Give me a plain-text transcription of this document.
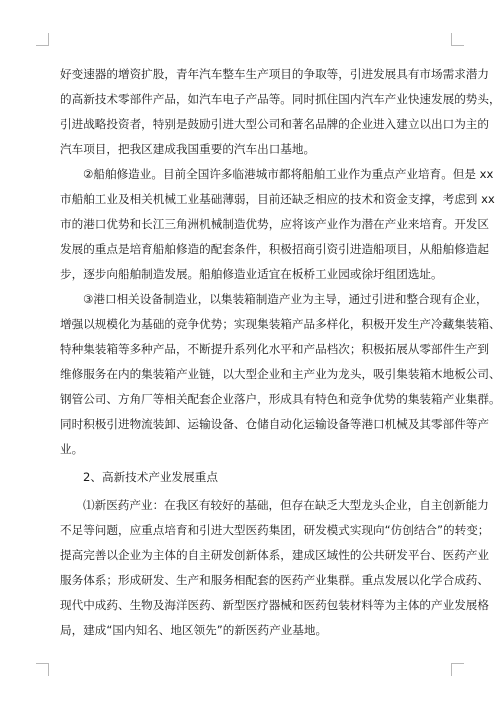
好变速器的增资扩股，青年汽车整车生产项目的争取等，引进发展具有市场需求潜力
的高新技术零部件产品，如汽车电子产品等。同时抓住国内汽车产业快速发展的势头，
引进战略投资者，特别是鼓励引进大型公司和著名品牌的企业进入建立以出口为主的
汽车项目，把我区建成我国重要的汽车出口基地。
②船舶修造业。目前全国许多临港城市都将船舶工业作为重点产业培育。但是 xx
市船舶工业及相关机械工业基础薄弱，目前还缺乏相应的技术和资金支撑，考虑到 xx
市的港口优势和长江三角洲机械制造优势，应将该产业作为潜在产业来培育。开发区
发展的重点是培育船舶修造的配套条件，积极招商引资引进造船项目，从船舶修造起
步，逐步向船舶制造发展。船舶修造业适宜在板桥工业园或徐圩组团选址。
③港口相关设备制造业，以集装箱制造产业为主导，通过引进和整合现有企业，
增强以规模化为基础的竞争优势；实现集装箱产品多样化，积极开发生产冷藏集装箱、
特种集装箱等多种产品，不断提升系列化水平和产品档次；积极拓展从零部件生产到
维修服务在内的集装箱产业链，以大型企业和主产业为龙头，吸引集装箱木地板公司、
钢管公司、方角厂等相关配套企业落户，形成具有特色和竞争优势的集装箱产业集群。
同时积极引进物流装卸、运输设备、仓储自动化运输设备等港口机械及其零部件等产
业。
2、高新技术产业发展重点
⑴新医药产业：在我区有较好的基础，但存在缺乏大型龙头企业，自主创新能力
不足等问题，应重点培育和引进大型医药集团，研发模式实现向“仿创结合”的转变；
提高完善以企业为主体的自主研发创新体系，建成区域性的公共研发平台、医药产业
服务体系；形成研发、生产和服务相配套的医药产业集群。重点发展以化学合成药、
现代中成药、生物及海洋医药、新型医疗器械和医药包装材料等为主体的产业发展格
局，建成“国内知名、地区领先”的新医药产业基地。
